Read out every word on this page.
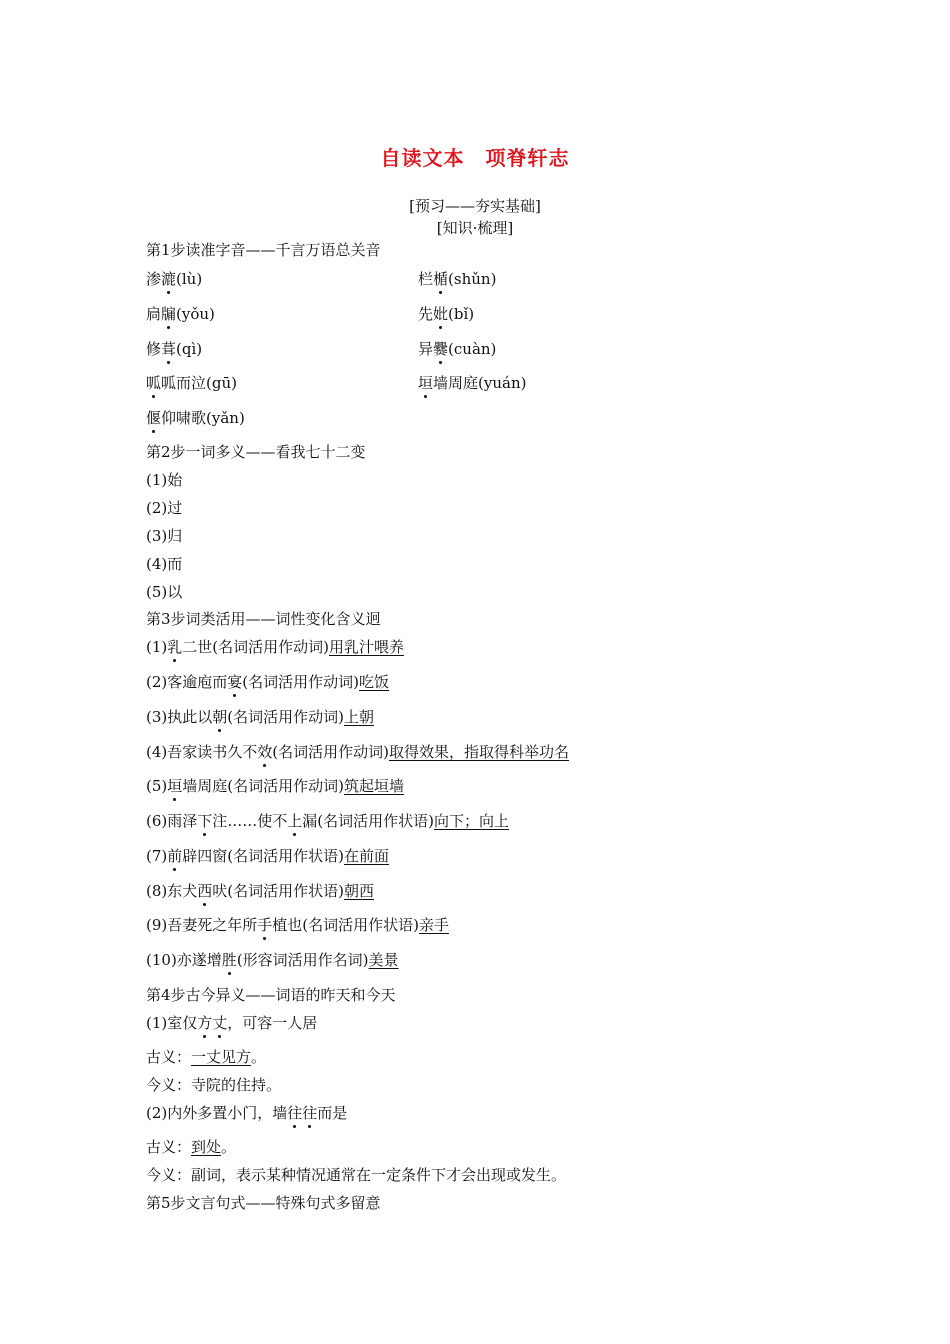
自读文本　项脊轩志
[预习——夯实基础]
[知识·梳理]
第1步读准字音——千言万语总关音
渗漉(lù)	栏楯(shǔn)
扃牖(yǒu)	先妣(bǐ)
修葺(qì)	异爨(cuàn)
呱呱而泣(gū)	垣墙周庭(yuán)
偃仰啸歌(yǎn)
第2步一词多义——看我七十二变
(1)始
(2)过
(3)归
(4)而
(5)以
第3步词类活用——词性变化含义迥
(1)乳二世(名词活用作动词)用乳汁喂养
(2)客逾庖而宴(名词活用作动词)吃饭
(3)执此以朝(名词活用作动词)上朝
(4)吾家读书久不效(名词活用作动词)取得效果，指取得科举功名
(5)垣墙周庭(名词活用作动词)筑起垣墙
(6)雨泽下注……使不上漏(名词活用作状语)向下；向上
(7)前辟四窗(名词活用作状语)在前面
(8)东犬西吠(名词活用作状语)朝西
(9)吾妻死之年所手植也(名词活用作状语)亲手
(10)亦遂增胜(形容词活用作名词)美景
第4步古今异义——词语的昨天和今天
(1)室仅方丈，可容一人居
古义：一丈见方。
今义：寺院的住持。
(2)内外多置小门，墙往往而是
古义：到处。
今义：副词，表示某种情况通常在一定条件下才会出现或发生。
第5步文言句式——特殊句式多留意
